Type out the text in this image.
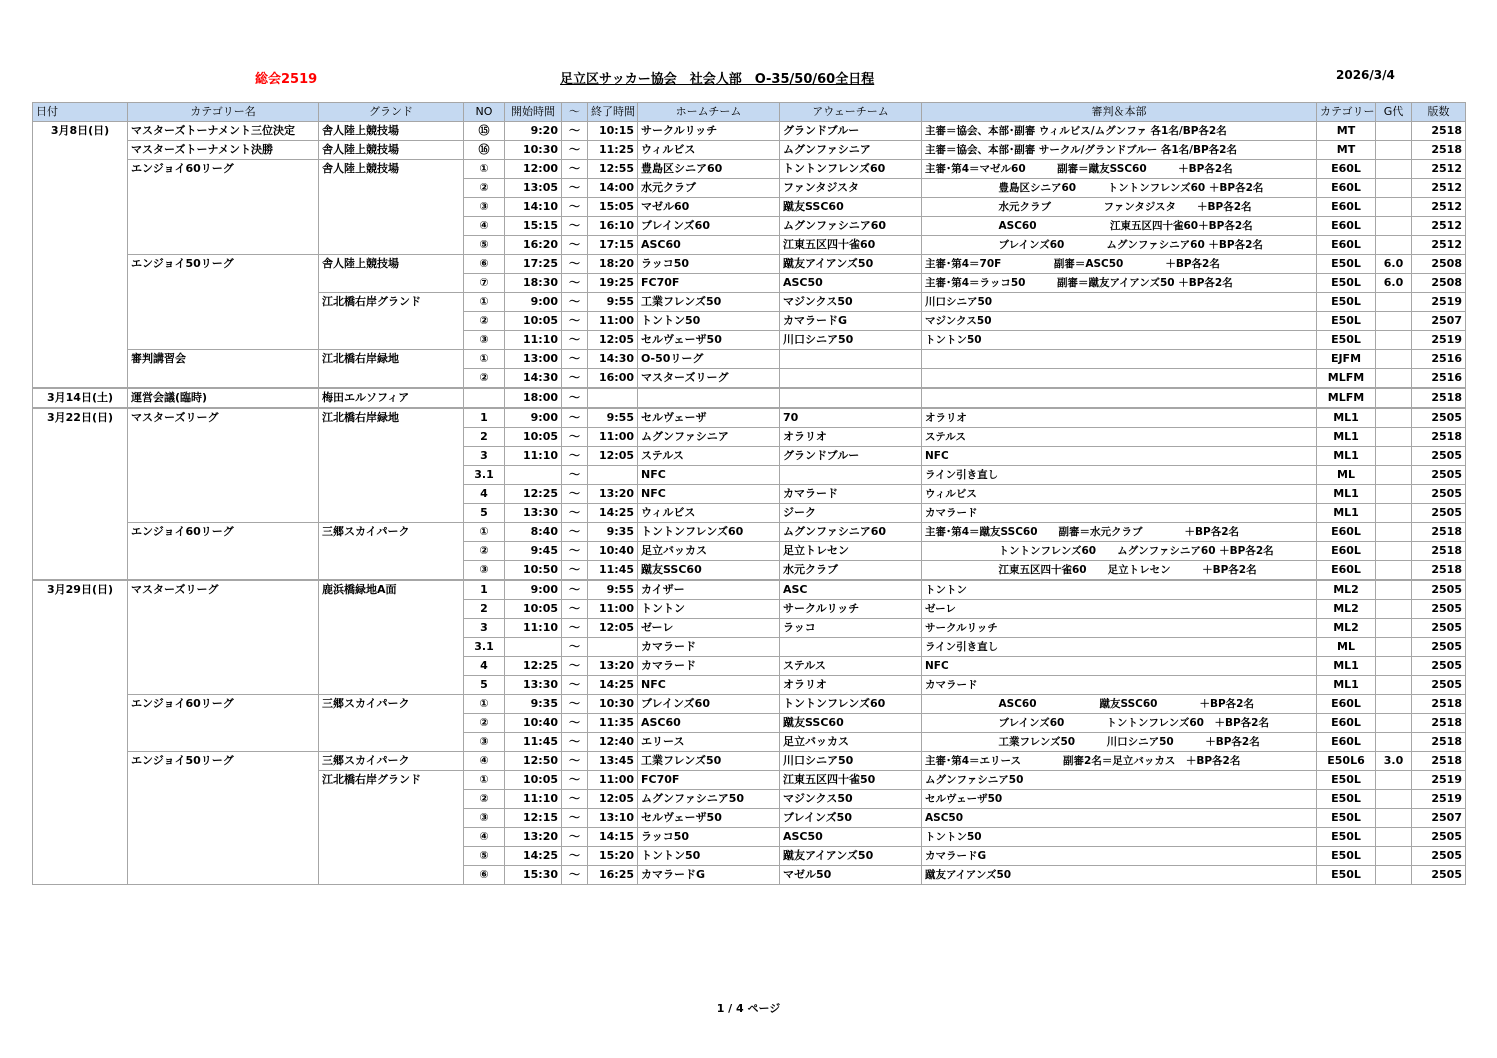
総会2519	足立区サッカー協会　社会人部　O-35/50/60全日程	2026/3/4
日付	カテゴリー名	グランド	NO	開始時間	～	終了時間	ホームチーム	アウェーチーム	審判＆本部	カテゴリー	G代	版数
3月8日(日)	マスターズトーナメント三位決定	舎人陸上競技場	⑮	9:20	～	10:15	サークルリッチ	グランドブルー	主審＝協会、本部･副審 ウィルビス/ムグンファ 各1名/BP各2名	MT		2518
	マスターズトーナメント決勝	舎人陸上競技場	⑯	10:30	～	11:25	ウィルビス	ムグンファシニア	主審＝協会、本部･副審 サークル/グランドブルー 各1名/BP各2名	MT		2518
	エンジョイ60リーグ	舎人陸上競技場	①	12:00	～	12:55	豊島区シニア60	トントンフレンズ60	主審･第4＝マゼル60　　　副審＝蹴友SSC60　　　＋BP各2名	E60L		2512
			②	13:05	～	14:00	水元クラブ	ファンタジスタ	　　　　　　　豊島区シニア60　　　トントンフレンズ60 ＋BP各2名	E60L		2512
			③	14:10	～	15:05	マゼル60	蹴友SSC60	　　　　　　　水元クラブ　　　　　ファンタジスタ　　＋BP各2名	E60L		2512
			④	15:15	～	16:10	ブレインズ60	ムグンファシニア60	　　　　　　　ASC60　　　　　　　江東五区四十雀60＋BP各2名	E60L		2512
			⑤	16:20	～	17:15	ASC60	江東五区四十雀60	　　　　　　　ブレインズ60　　　　ムグンファシニア60 ＋BP各2名	E60L		2512
	エンジョイ50リーグ	舎人陸上競技場	⑥	17:25	～	18:20	ラッコ50	蹴友アイアンズ50	主審･第4＝70F　　　　　副審＝ASC50　　　　＋BP各2名	E50L	6.0	2508
			⑦	18:30	～	19:25	FC70F	ASC50	主審･第4＝ラッコ50　　　副審＝蹴友アイアンズ50 ＋BP各2名	E50L	6.0	2508
		江北橋右岸グランド	①	9:00	～	9:55	工業フレンズ50	マジンクス50	川口シニア50	E50L		2519
			②	10:05	～	11:00	トントン50	カマラードG	マジンクス50	E50L		2507
			③	11:10	～	12:05	セルヴェーザ50	川口シニア50	トントン50	E50L		2519
	審判講習会	江北橋右岸緑地	①	13:00	～	14:30	O-50リーグ			EJFM		2516
			②	14:30	～	16:00	マスターズリーグ			MLFM		2516
3月14日(土)	運営会議(臨時)	梅田エルソフィア		18:00	～					MLFM		2518
3月22日(日)	マスターズリーグ	江北橋右岸緑地	1	9:00	～	9:55	セルヴェーザ	70	オラリオ	ML1		2505
			2	10:05	～	11:00	ムグンファシニア	オラリオ	ステルス	ML1		2518
			3	11:10	～	12:05	ステルス	グランドブルー	NFC	ML1		2505
			3.1		～		NFC		ライン引き直し	ML		2505
			4	12:25	～	13:20	NFC	カマラード	ウィルビス	ML1		2505
			5	13:30	～	14:25	ウィルビス	ジーク	カマラード	ML1		2505
	エンジョイ60リーグ	三郷スカイパーク	①	8:40	～	9:35	トントンフレンズ60	ムグンファシニア60	主審･第4＝蹴友SSC60　　副審＝水元クラブ　　　　＋BP各2名	E60L		2518
			②	9:45	～	10:40	足立バッカス	足立トレセン	　　　　　　　トントンフレンズ60　　ムグンファシニア60 ＋BP各2名	E60L		2518
			③	10:50	～	11:45	蹴友SSC60	水元クラブ	　　　　　　　江東五区四十雀60　　足立トレセン　　　＋BP各2名	E60L		2518
3月29日(日)	マスターズリーグ	鹿浜橋緑地A面	1	9:00	～	9:55	カイザー	ASC	トントン	ML2		2505
			2	10:05	～	11:00	トントン	サークルリッチ	ゼーレ	ML2		2505
			3	11:10	～	12:05	ゼーレ	ラッコ	サークルリッチ	ML2		2505
			3.1		～		カマラード		ライン引き直し	ML		2505
			4	12:25	～	13:20	カマラード	ステルス	NFC	ML1		2505
			5	13:30	～	14:25	NFC	オラリオ	カマラード	ML1		2505
	エンジョイ60リーグ	三郷スカイパーク	①	9:35	～	10:30	ブレインズ60	トントンフレンズ60	　　　　　　　ASC60　　　　　　蹴友SSC60　　　　＋BP各2名	E60L		2518
			②	10:40	～	11:35	ASC60	蹴友SSC60	　　　　　　　ブレインズ60　　　　トントンフレンズ60　＋BP各2名	E60L		2518
			③	11:45	～	12:40	エリース	足立バッカス	　　　　　　　工業フレンズ50　　　川口シニア50　　　＋BP各2名	E60L		2518
	エンジョイ50リーグ	三郷スカイパーク	④	12:50	～	13:45	工業フレンズ50	川口シニア50	主審･第4＝エリース　　　　副審2名＝足立バッカス　＋BP各2名	E50L6	3.0	2518
		江北橋右岸グランド	①	10:05	～	11:00	FC70F	江東五区四十雀50	ムグンファシニア50	E50L		2519
			②	11:10	～	12:05	ムグンファシニア50	マジンクス50	セルヴェーザ50	E50L		2519
			③	12:15	～	13:10	セルヴェーザ50	ブレインズ50	ASC50	E50L		2507
			④	13:20	～	14:15	ラッコ50	ASC50	トントン50	E50L		2505
			⑤	14:25	～	15:20	トントン50	蹴友アイアンズ50	カマラードG	E50L		2505
			⑥	15:30	～	16:25	カマラードG	マゼル50	蹴友アイアンズ50	E50L		2505
1 / 4 ページ
